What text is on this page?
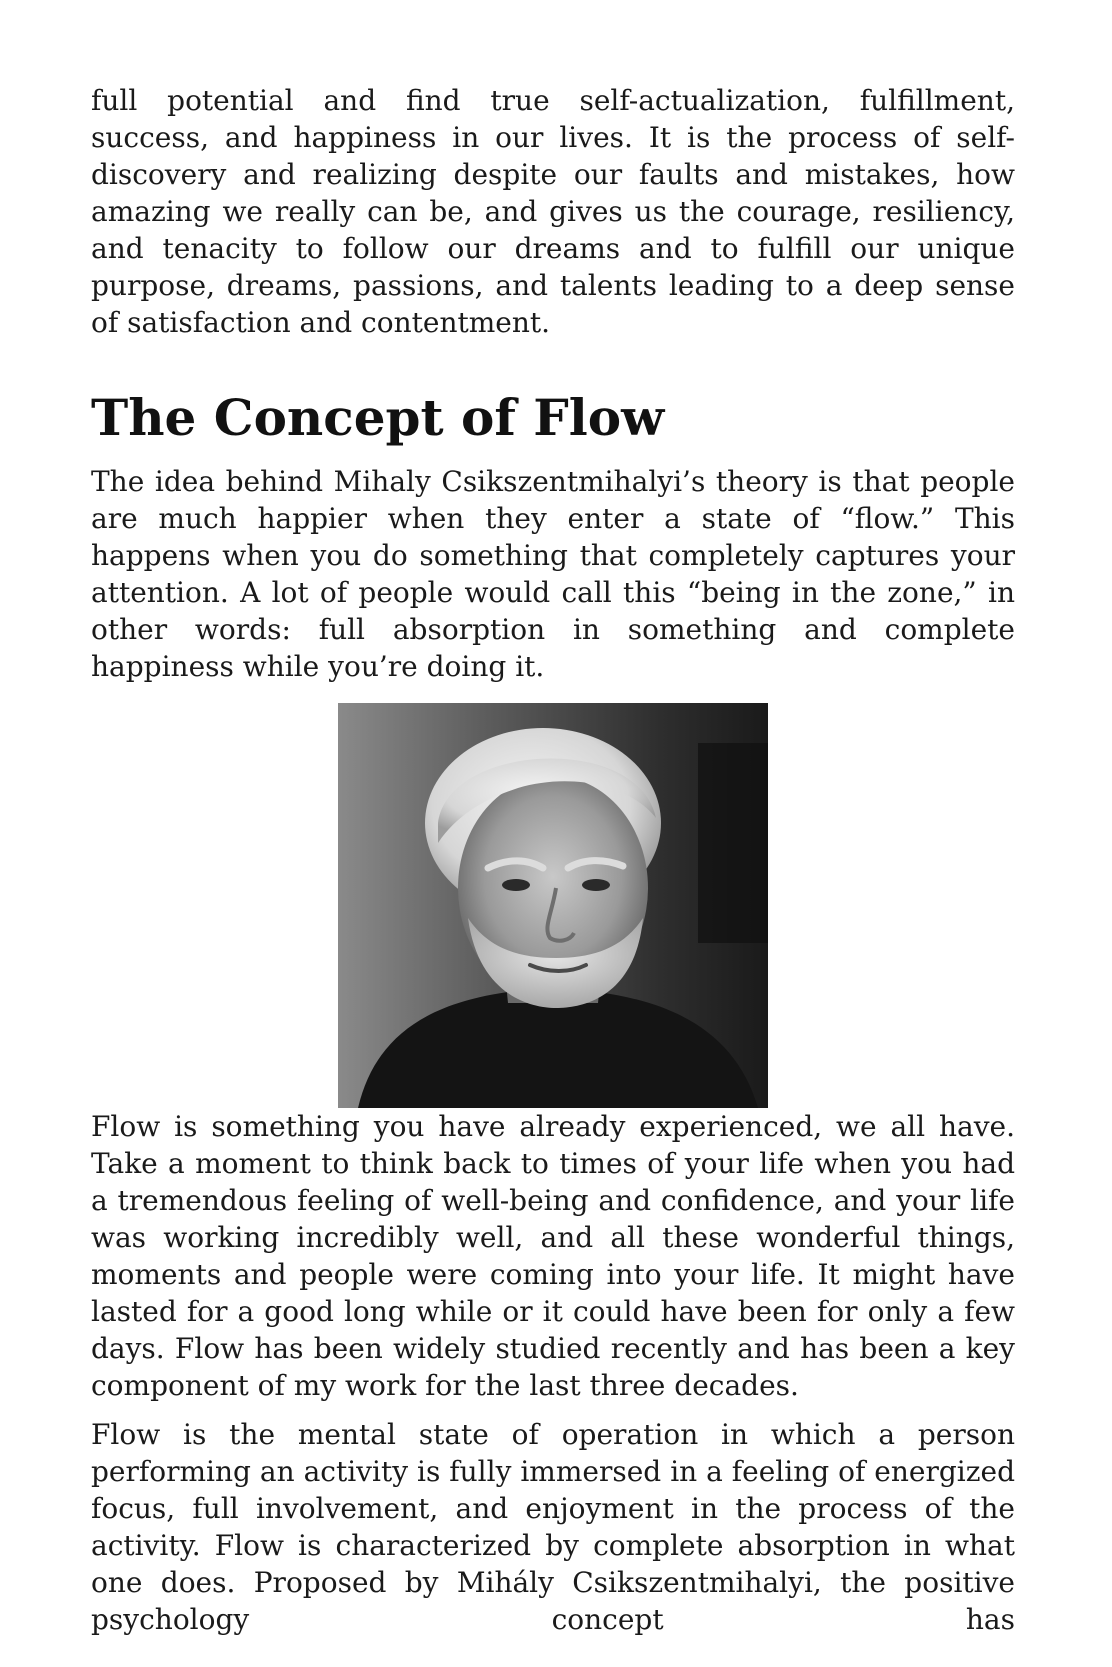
full potential and find true self-actualization, fulfillment, success, and happiness in our lives. It is the process of self-discovery and realizing despite our faults and mistakes, how amazing we really can be, and gives us the courage, resiliency, and tenacity to follow our dreams and to fulfill our unique purpose, dreams, passions, and talents leading to a deep sense of satisfaction and contentment.

The Concept of Flow

The idea behind Mihaly Csikszentmihalyi’s theory is that people are much happier when they enter a state of “flow.” This happens when you do something that completely captures your attention. A lot of people would call this “being in the zone,” in other words: full absorption in something and complete happiness while you’re doing it.

Flow is something you have already experienced, we all have. Take a moment to think back to times of your life when you had a tremendous feeling of well-being and confidence, and your life was working incredibly well, and all these wonderful things, moments and people were coming into your life. It might have lasted for a good long while or it could have been for only a few days. Flow has been widely studied recently and has been a key component of my work for the last three decades.

Flow is the mental state of operation in which a person performing an activity is fully immersed in a feeling of energized focus, full involvement, and enjoyment in the process of the activity. Flow is characterized by complete absorption in what one does. Proposed by Mihály Csikszentmihalyi, the positive psychology concept has
